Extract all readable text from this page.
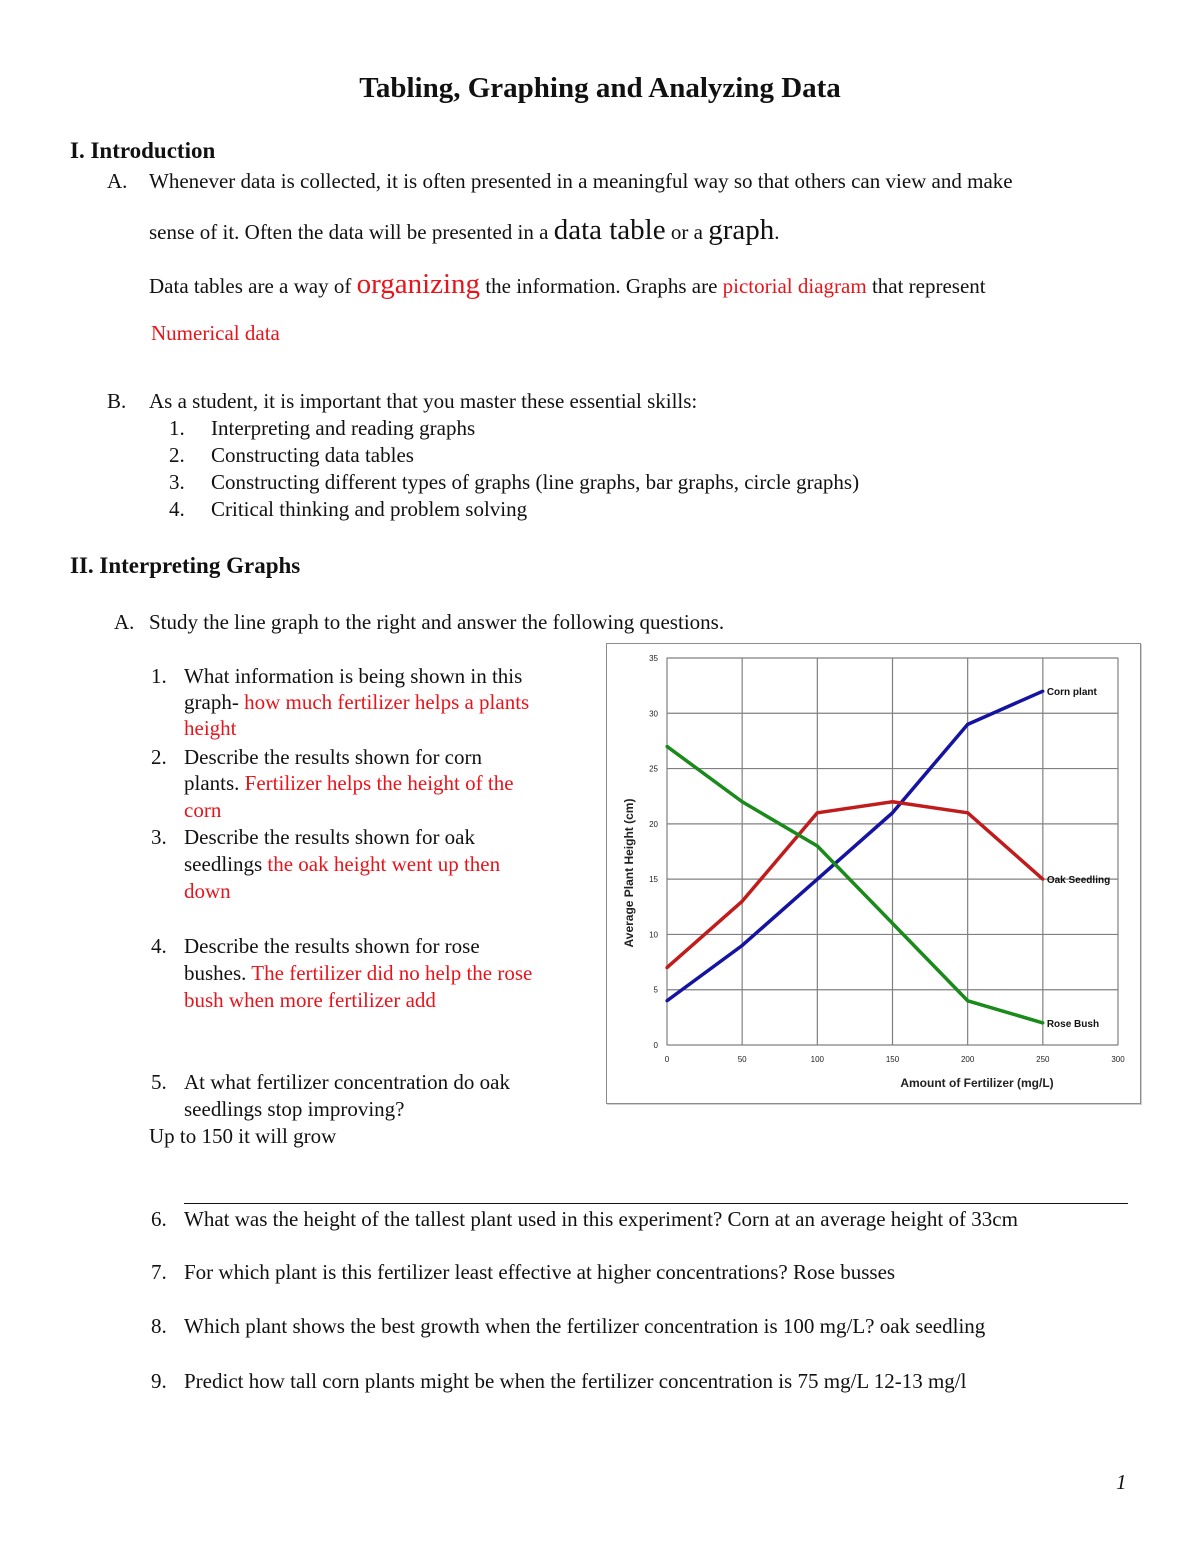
Tabling, Graphing and Analyzing Data
I. Introduction
A. Whenever data is collected, it is often presented in a meaningful way so that others can view and make
sense of it. Often the data will be presented in a data table or a graph.
Data tables are a way of organizing the information. Graphs are pictorial diagram that represent
Numerical data
B. As a student, it is important that you master these essential skills:
1. Interpreting and reading graphs
2. Constructing data tables
3. Constructing different types of graphs (line graphs, bar graphs, circle graphs)
4. Critical thinking and problem solving
II. Interpreting Graphs
A. Study the line graph to the right and answer the following questions.
1. What information is being shown in this
graph- how much fertilizer helps a plants
height
2. Describe the results shown for corn
plants. Fertilizer helps the height of the
corn
3. Describe the results shown for oak
seedlings the oak height went up then
down
4. Describe the results shown for rose
bushes. The fertilizer did no help the rose
bush when more fertilizer add
5. At what fertilizer concentration do oak
seedlings stop improving?
Up to 150 it will grow
6. What was the height of the tallest plant used in this experiment? Corn at an average height of 33cm
7. For which plant is this fertilizer least effective at higher concentrations? Rose busses
8. Which plant shows the best growth when the fertilizer concentration is 100 mg/L? oak seedling
9. Predict how tall corn plants might be when the fertilizer concentration is 75 mg/L 12-13 mg/l
1
0
5
10
15
20
25
30
35
0	50	100	150	200	250	300
Corn plant
Oak Seedling
Rose Bush
Amount of Fertilizer (mg/L)
Average Plant Height (cm)
